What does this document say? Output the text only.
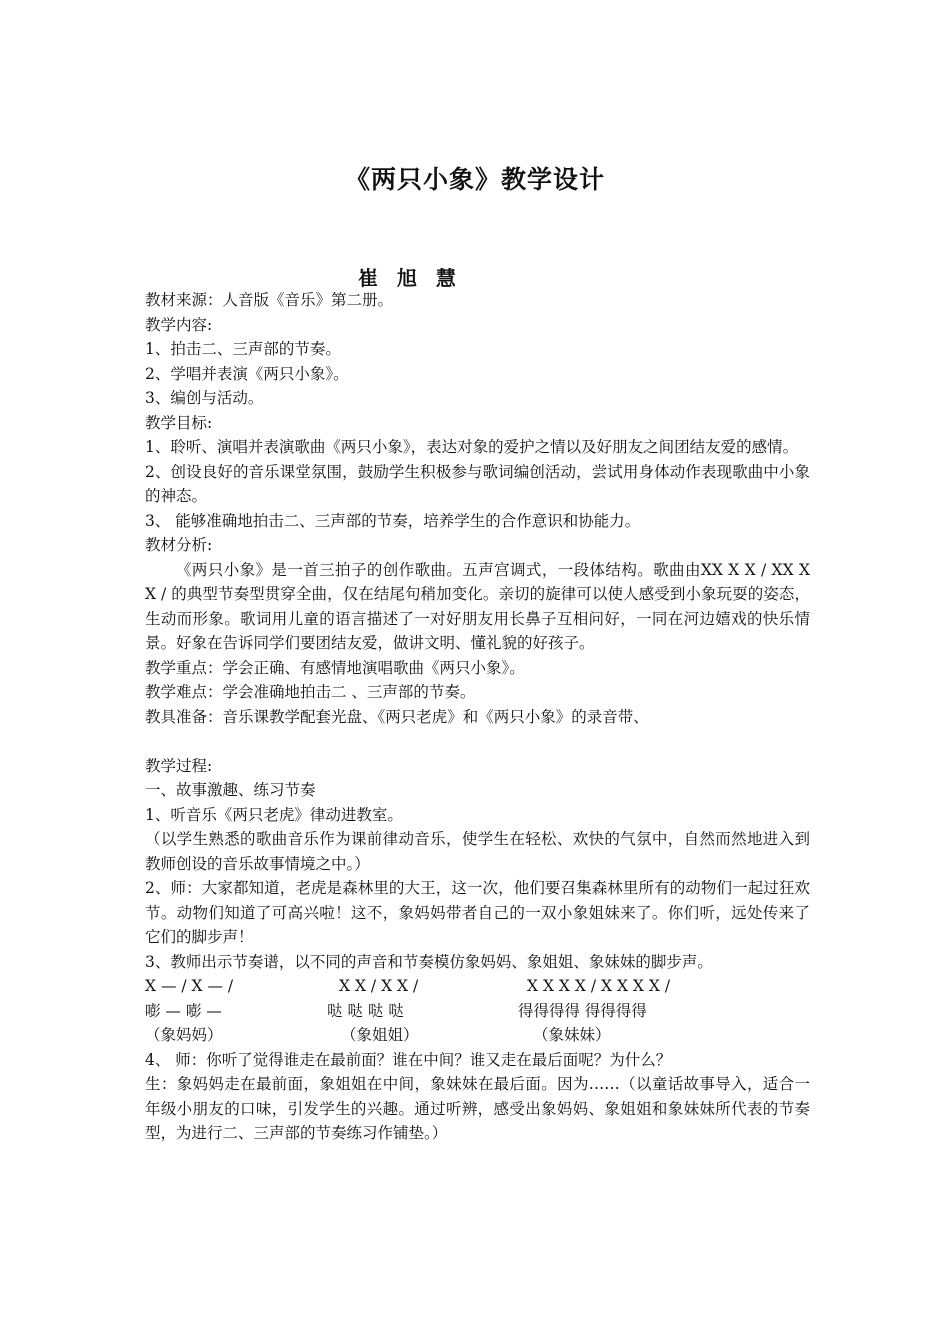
《两只小象》教学设计
崔 旭 慧

教材来源：人音版《音乐》第二册。

教学内容:

1、拍击二、三声部的节奏。

2、学唱并表演《两只小象》。

3、编创与活动。

教学目标:

1、聆听、演唱并表演歌曲《两只小象》，表达对象的爱护之情以及好朋友之间团结友爱的感情。

2、创设良好的音乐课堂氛围，鼓励学生积极参与歌词编创活动，尝试用身体动作表现歌曲中小象的神态。

3、 能够准确地拍击二、三声部的节奏，培养学生的合作意识和协能力。

教材分析:

《两只小象》是一首三拍子的创作歌曲。五声宫调式，一段体结构。歌曲由XX X X / XX X X / 的典型节奏型贯穿全曲，仅在结尾句稍加变化。亲切的旋律可以使人感受到小象玩耍的姿态，生动而形象。歌词用儿童的语言描述了一对好朋友用长鼻子互相问好，一同在河边嬉戏的快乐情景。好象在告诉同学们要团结友爱，做讲文明、懂礼貌的好孩子。

教学重点：学会正确、有感情地演唱歌曲《两只小象》。

教学难点：学会准确地拍击二 、三声部的节奏。

教具准备：音乐课教学配套光盘、《两只老虎》和《两只小象》的录音带、

教学过程:

一、故事激趣、练习节奏

1、听音乐《两只老虎》律动进教室。

（以学生熟悉的歌曲音乐作为课前律动音乐，使学生在轻松、欢快的气氛中，自然而然地进入到教师创设的音乐故事情境之中。）

2、师：大家都知道，老虎是森林里的大王，这一次，他们要召集森林里所有的动物们一起过狂欢节。动物们知道了可高兴啦！这不，象妈妈带者自己的一双小象姐妹来了。你们听，远处传来了它们的脚步声！

3、教师出示节奏谱，以不同的声音和节奏模仿象妈妈、象姐姐、象妹妹的脚步声。

X — / X — /	X X / X X /	X X X X / X X X X /
嘭 — 嘭 —	哒 哒 哒 哒	得得得得 得得得得
（象妈妈）	（象姐姐）	（象妹妹）

4、 师：你听了觉得谁走在最前面？谁在中间？谁又走在最后面呢？为什么？

生：象妈妈走在最前面，象姐姐在中间，象妹妹在最后面。因为……（以童话故事导入，适合一年级小朋友的口味，引发学生的兴趣。通过听辨，感受出象妈妈、象姐姐和象妹妹所代表的节奏型，为进行二、三声部的节奏练习作铺垫。）
